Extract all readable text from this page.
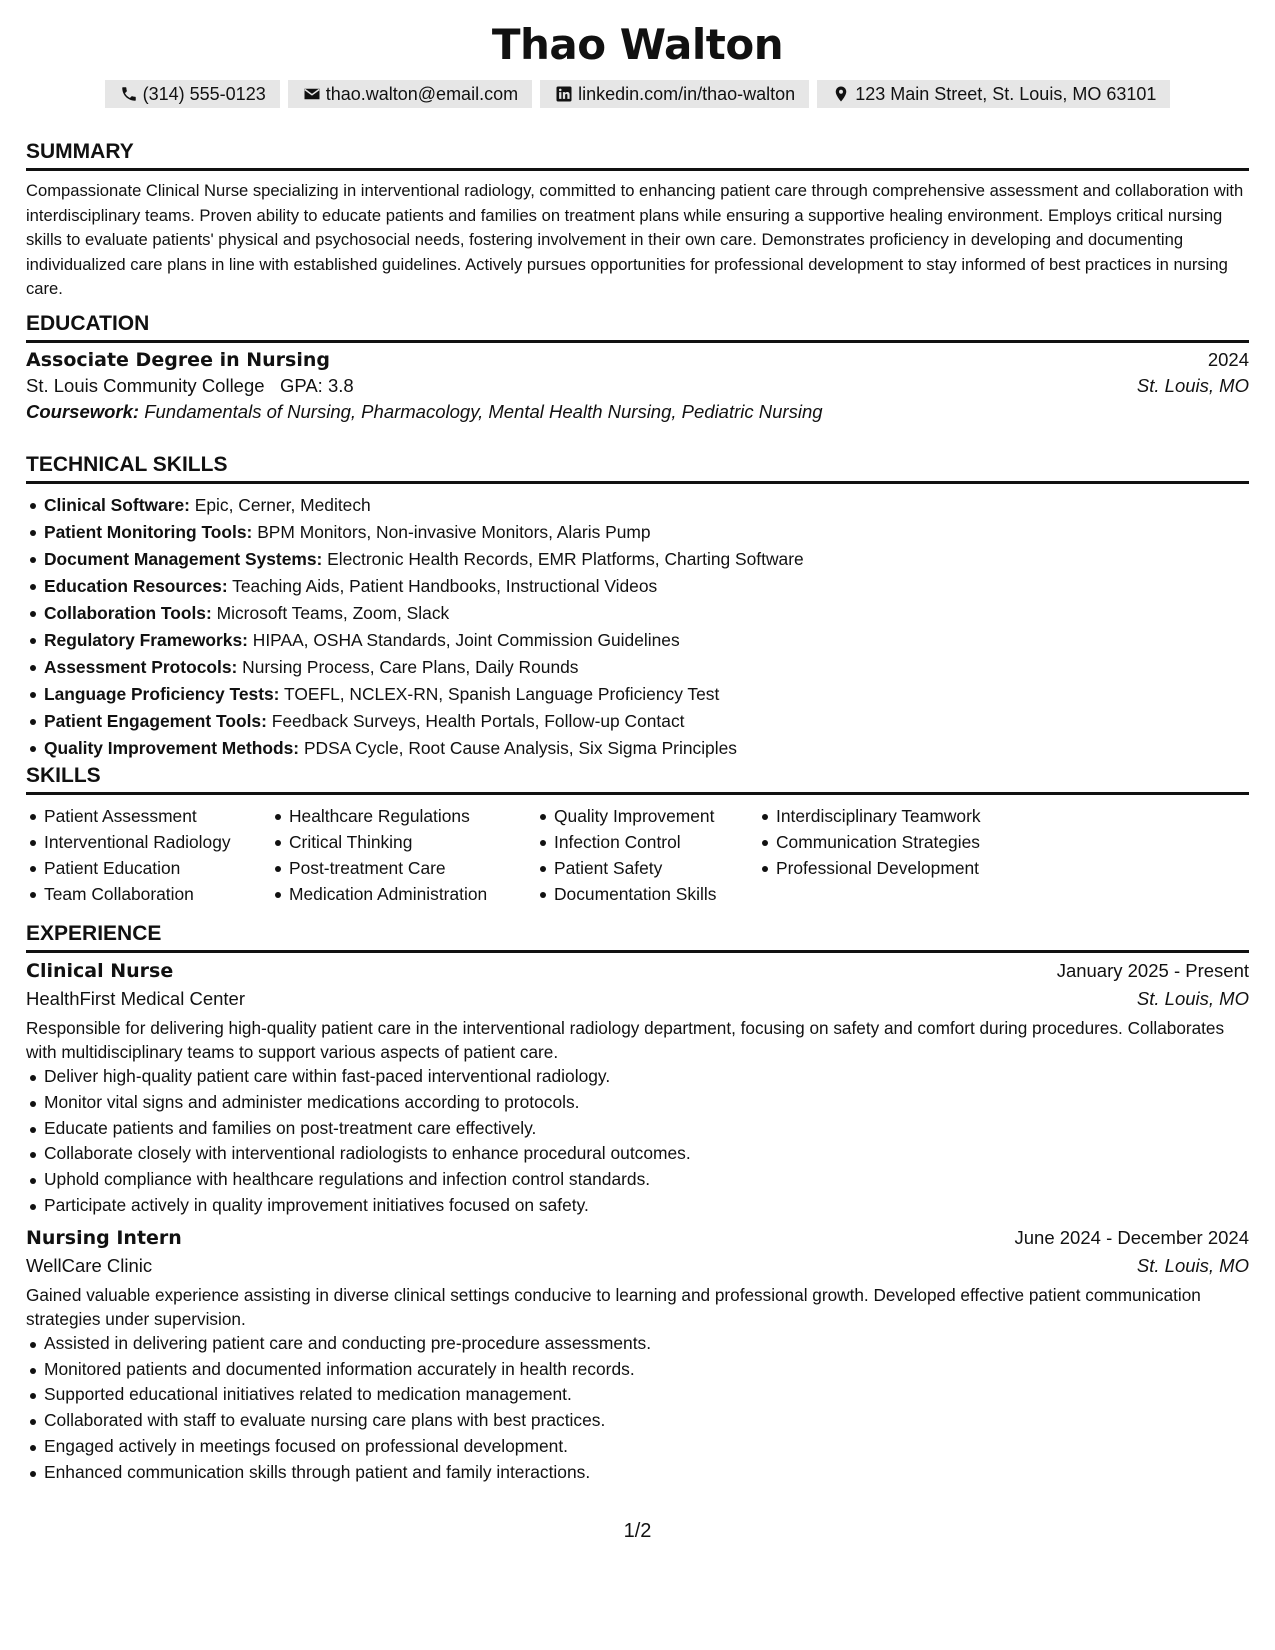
Thao Walton
(314) 555-0123	thao.walton@email.com	linkedin.com/in/thao-walton	123 Main Street, St. Louis, MO 63101
SUMMARY
Compassionate Clinical Nurse specializing in interventional radiology, committed to enhancing patient care through comprehensive assessment and collaboration with interdisciplinary teams. Proven ability to educate patients and families on treatment plans while ensuring a supportive healing environment. Employs critical nursing skills to evaluate patients' physical and psychosocial needs, fostering involvement in their own care. Demonstrates proficiency in developing and documenting individualized care plans in line with established guidelines. Actively pursues opportunities for professional development to stay informed of best practices in nursing care.
EDUCATION
Associate Degree in Nursing	2024
St. Louis Community College GPA: 3.8	St. Louis, MO
Coursework: Fundamentals of Nursing, Pharmacology, Mental Health Nursing, Pediatric Nursing
TECHNICAL SKILLS
Clinical Software: Epic, Cerner, Meditech
Patient Monitoring Tools: BPM Monitors, Non-invasive Monitors, Alaris Pump
Document Management Systems: Electronic Health Records, EMR Platforms, Charting Software
Education Resources: Teaching Aids, Patient Handbooks, Instructional Videos
Collaboration Tools: Microsoft Teams, Zoom, Slack
Regulatory Frameworks: HIPAA, OSHA Standards, Joint Commission Guidelines
Assessment Protocols: Nursing Process, Care Plans, Daily Rounds
Language Proficiency Tests: TOEFL, NCLEX-RN, Spanish Language Proficiency Test
Patient Engagement Tools: Feedback Surveys, Health Portals, Follow-up Contact
Quality Improvement Methods: PDSA Cycle, Root Cause Analysis, Six Sigma Principles
SKILLS
Patient Assessment
Interventional Radiology
Patient Education
Team Collaboration
Healthcare Regulations
Critical Thinking
Post-treatment Care
Medication Administration
Quality Improvement
Infection Control
Patient Safety
Documentation Skills
Interdisciplinary Teamwork
Communication Strategies
Professional Development
EXPERIENCE
Clinical Nurse	January 2025 - Present
HealthFirst Medical Center	St. Louis, MO
Responsible for delivering high-quality patient care in the interventional radiology department, focusing on safety and comfort during procedures. Collaborates with multidisciplinary teams to support various aspects of patient care.
Deliver high-quality patient care within fast-paced interventional radiology.
Monitor vital signs and administer medications according to protocols.
Educate patients and families on post-treatment care effectively.
Collaborate closely with interventional radiologists to enhance procedural outcomes.
Uphold compliance with healthcare regulations and infection control standards.
Participate actively in quality improvement initiatives focused on safety.
Nursing Intern	June 2024 - December 2024
WellCare Clinic	St. Louis, MO
Gained valuable experience assisting in diverse clinical settings conducive to learning and professional growth. Developed effective patient communication strategies under supervision.
Assisted in delivering patient care and conducting pre-procedure assessments.
Monitored patients and documented information accurately in health records.
Supported educational initiatives related to medication management.
Collaborated with staff to evaluate nursing care plans with best practices.
Engaged actively in meetings focused on professional development.
Enhanced communication skills through patient and family interactions.
1/2
